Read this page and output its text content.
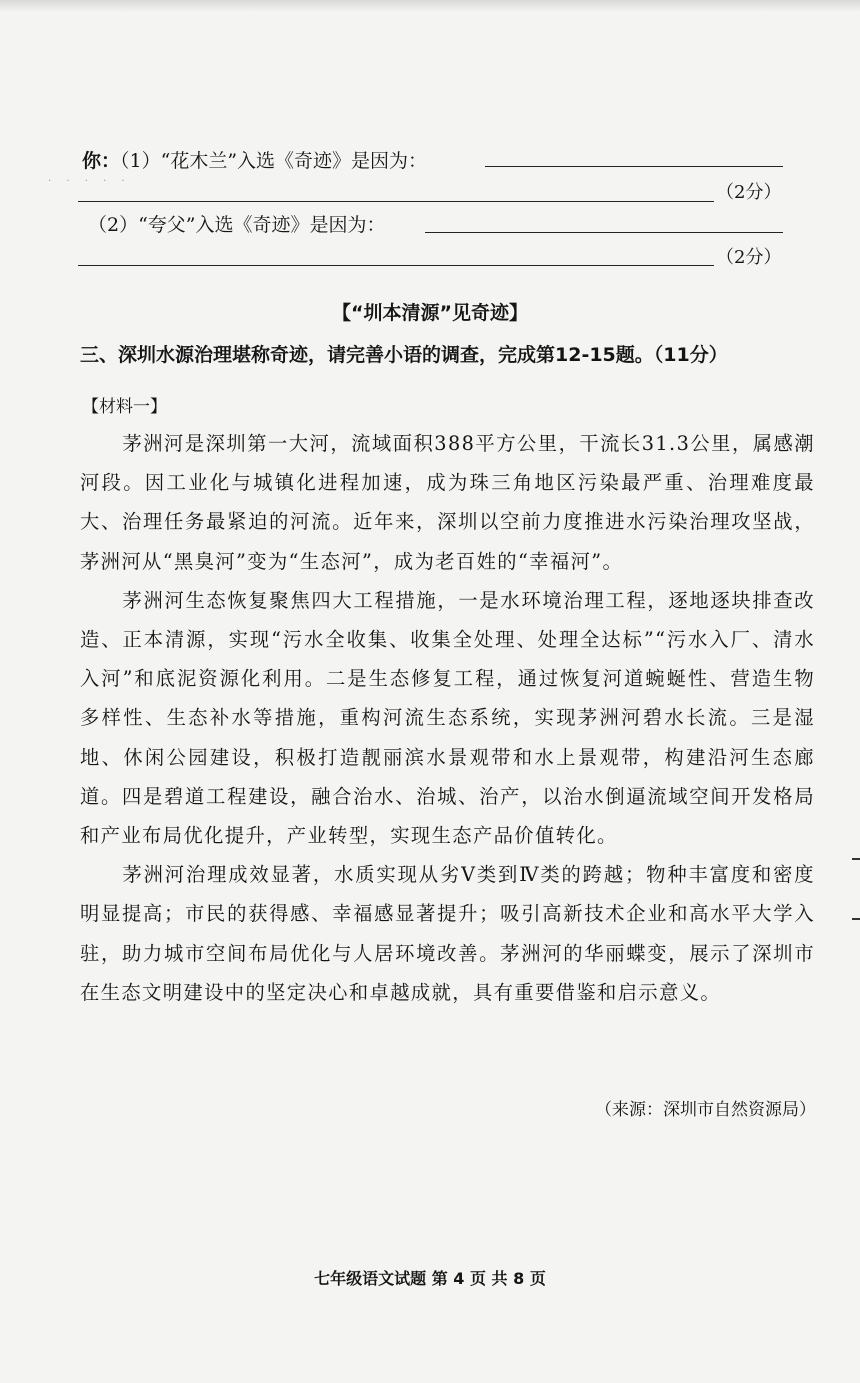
你：（1）“花木兰”入选《奇迹》是因为：
· · · · ·
（2分）
（2）“夸父”入选《奇迹》是因为：
（2分）
【“圳本清源”见奇迹】
三、深圳水源治理堪称奇迹，请完善小语的调查，完成第12-15题。（11分）
【材料一】

茅洲河是深圳第一大河，流域面积388平方公里，干流长31.3公里，属感潮河段。因工业化与城镇化进程加速，成为珠三角地区污染最严重、治理难度最大、治理任务最紧迫的河流。近年来，深圳以空前力度推进水污染治理攻坚战，茅洲河从“黑臭河”变为“生态河”，成为老百姓的“幸福河”。

茅洲河生态恢复聚焦四大工程措施，一是水环境治理工程，逐地逐块排查改造、正本清源，实现“污水全收集、收集全处理、处理全达标”“污水入厂、清水入河”和底泥资源化利用。二是生态修复工程，通过恢复河道蜿蜒性、营造生物多样性、生态补水等措施，重构河流生态系统，实现茅洲河碧水长流。三是湿地、休闲公园建设，积极打造靓丽滨水景观带和水上景观带，构建沿河生态廊道。四是碧道工程建设，融合治水、治城、治产，以治水倒逼流域空间开发格局和产业布局优化提升，产业转型，实现生态产品价值转化。

茅洲河治理成效显著，水质实现从劣Ⅴ类到Ⅳ类的跨越；物种丰富度和密度明显提高；市民的获得感、幸福感显著提升；吸引高新技术企业和高水平大学入驻，助力城市空间布局优化与人居环境改善。茅洲河的华丽蝶变，展示了深圳市在生态文明建设中的坚定决心和卓越成就，具有重要借鉴和启示意义。

（来源：深圳市自然资源局）
七年级语文试题 第 4 页 共 8 页
